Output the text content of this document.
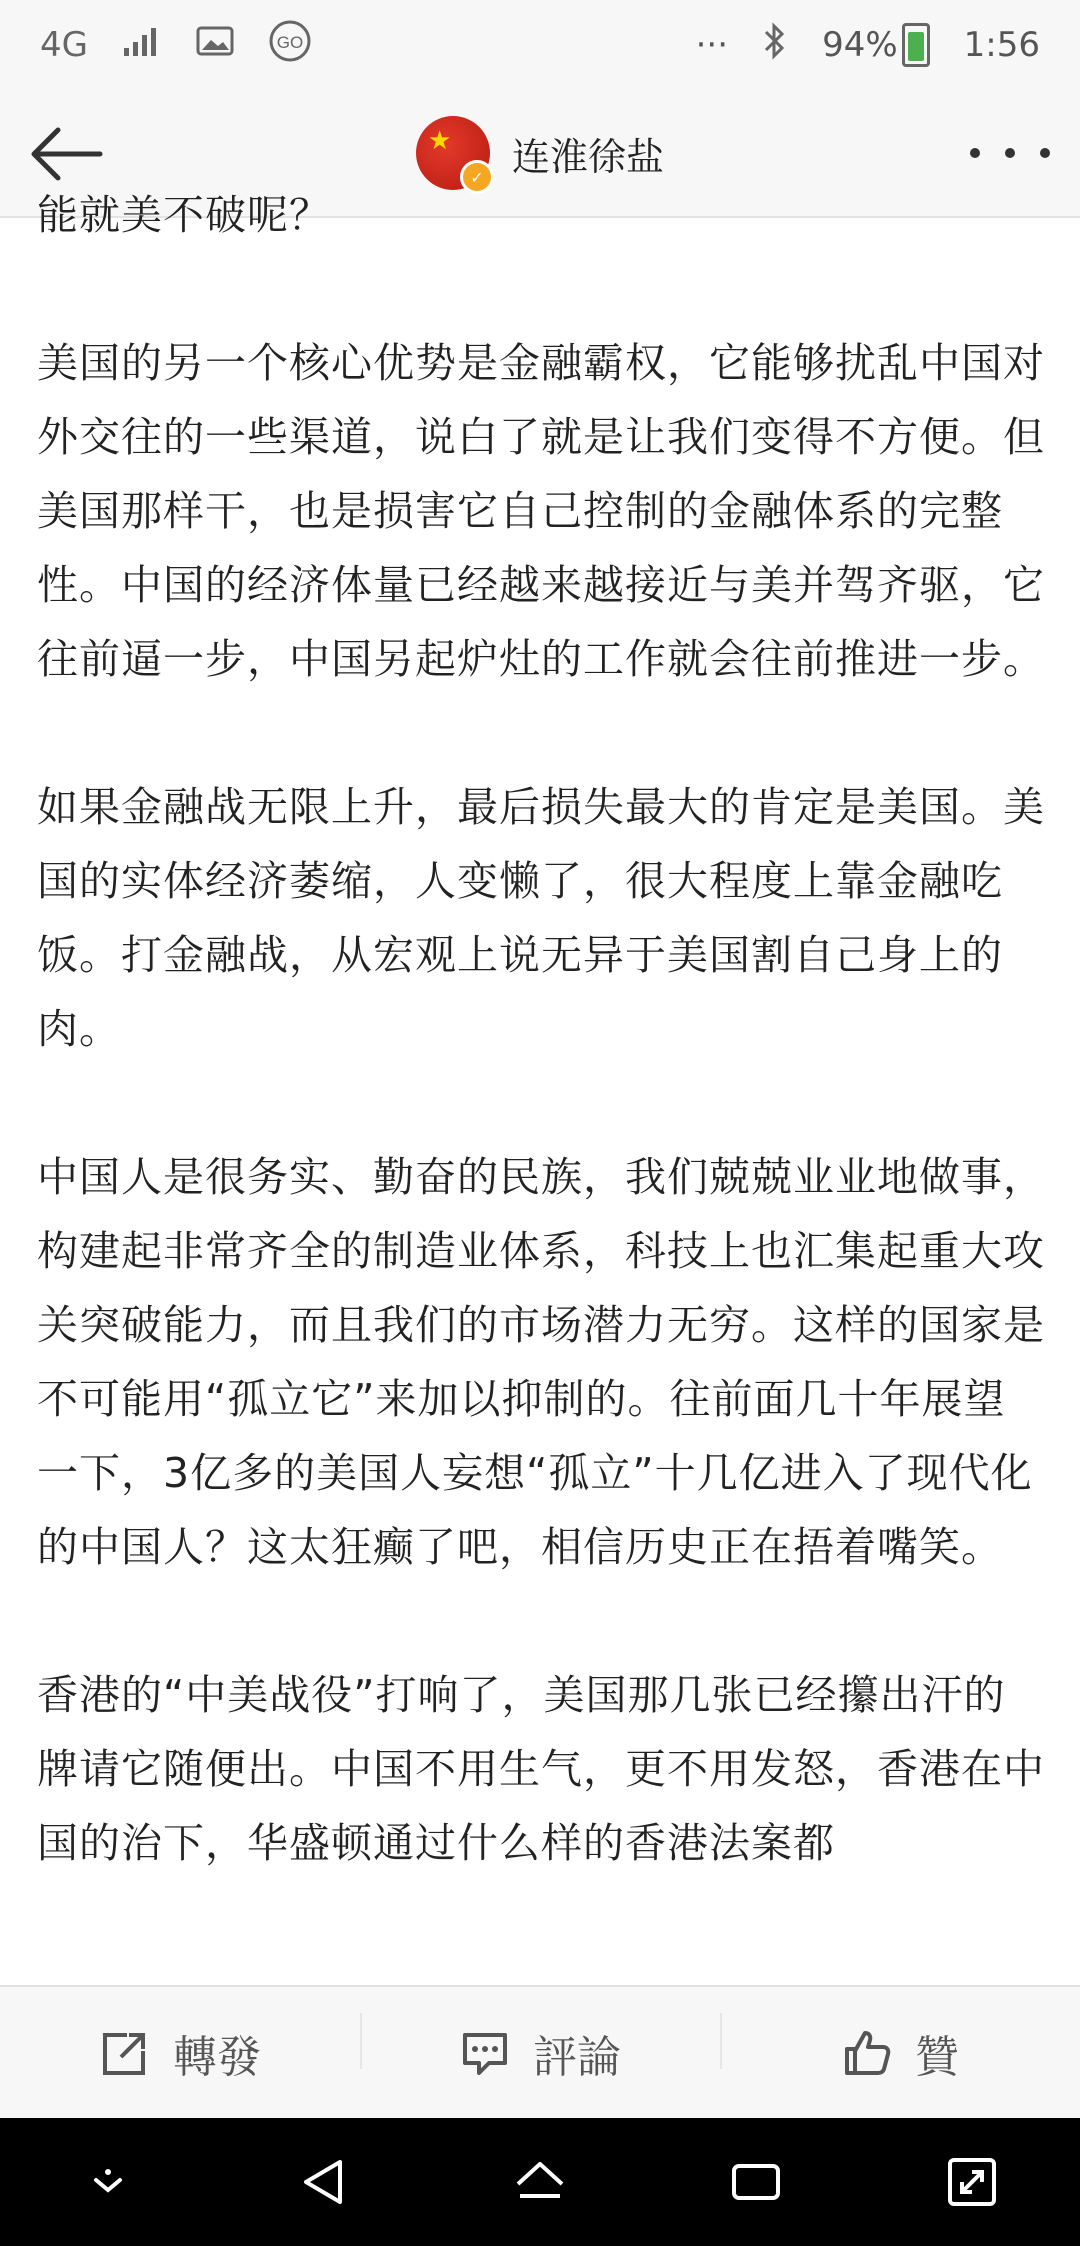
4G	GO	···	94% 1:56
★
✓ 连淮徐盐

能就美不破呢？

美国的另一个核心优势是金融霸权，它能够扰乱中国对外交往的一些渠道，说白了就是让我们变得不方便。但美国那样干，也是损害它自己控制的金融体系的完整性。中国的经济体量已经越来越接近与美并驾齐驱，它往前逼一步，中国另起炉灶的工作就会往前推进一步。

如果金融战无限上升，最后损失最大的肯定是美国。美国的实体经济萎缩，人变懒了，很大程度上靠金融吃饭。打金融战，从宏观上说无异于美国割自己身上的肉。

中国人是很务实、勤奋的民族，我们兢兢业业地做事，构建起非常齐全的制造业体系，科技上也汇集起重大攻关突破能力，而且我们的市场潜力无穷。这样的国家是不可能用“孤立它”来加以抑制的。往前面几十年展望一下，3亿多的美国人妄想“孤立”十几亿进入了现代化的中国人？这太狂癫了吧，相信历史正在捂着嘴笑。

香港的“中美战役”打响了，美国那几张已经攥出汗的牌请它随便出。中国不用生气，更不用发怒，香港在中国的治下，华盛顿通过什么样的香港法案都

轉發	評論	贊
